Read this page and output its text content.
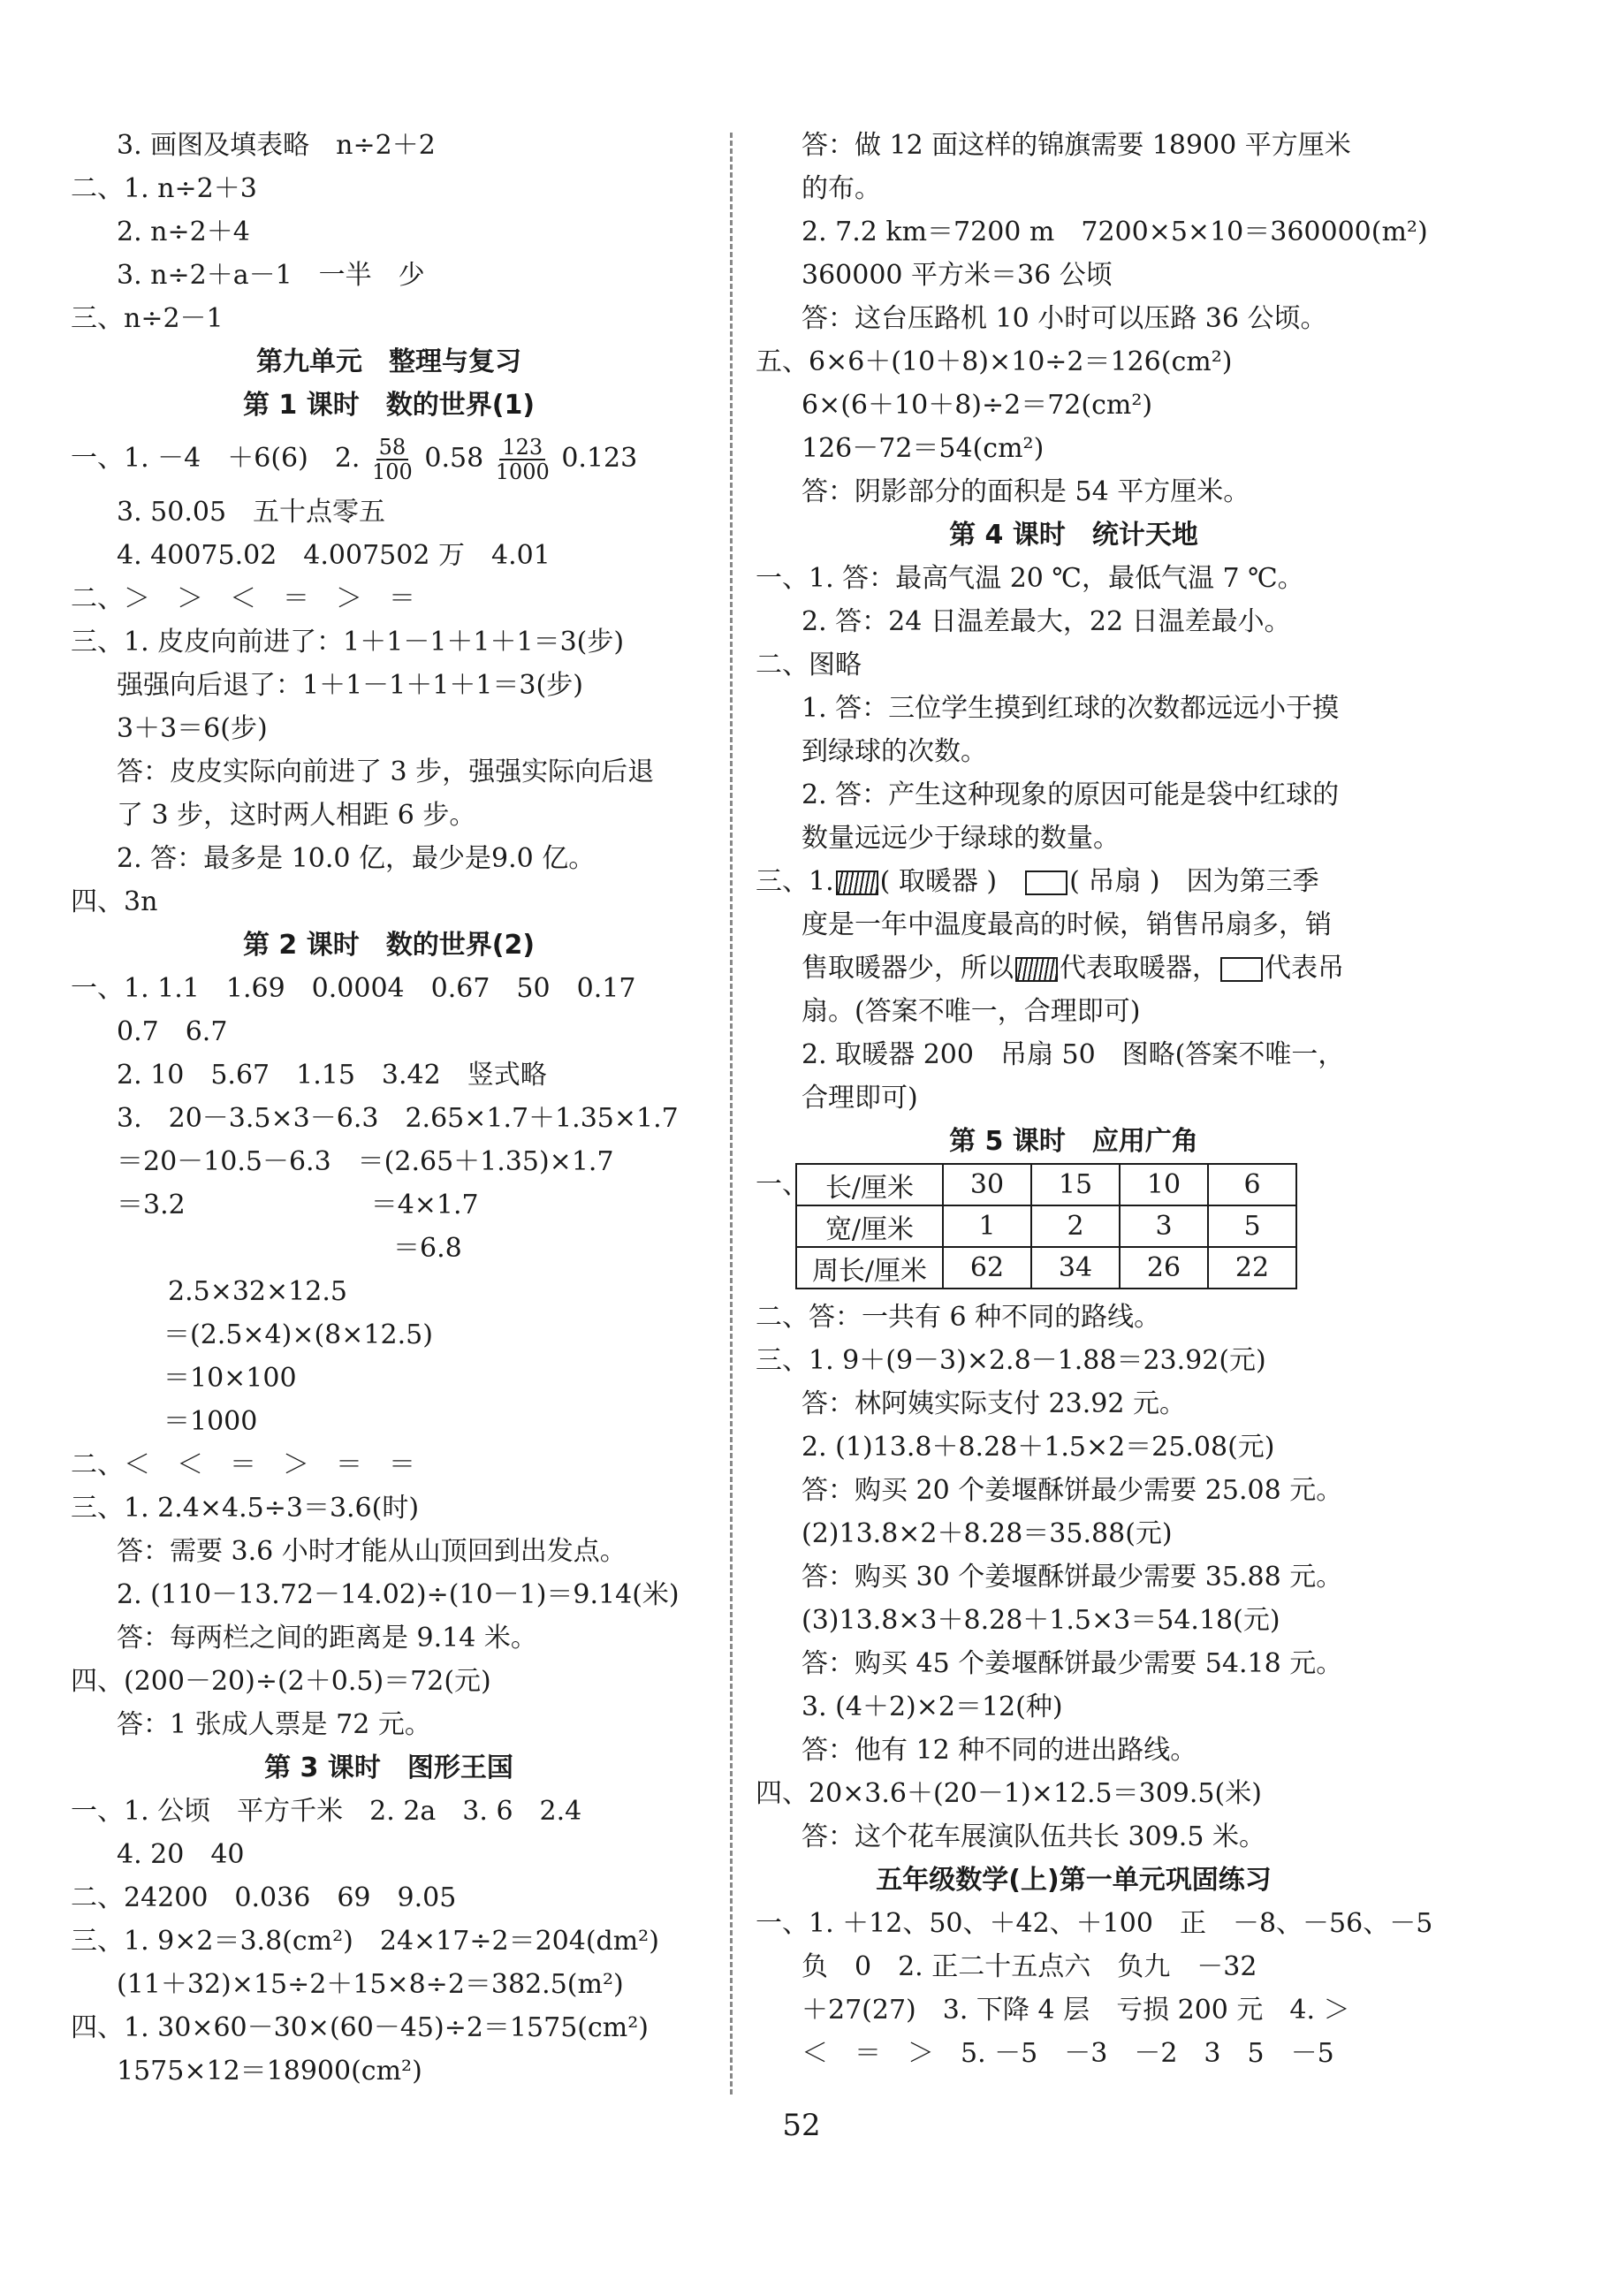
3. 画图及填表略　n÷2＋2
二、1. n÷2＋3
2. n÷2＋4
3. n÷2＋a－1　一半　少
三、n÷2－1
第九单元　整理与复习
第 1 课时　数的世界(1)
一、1. －4　＋6(6)　2. $\frac{58}{100} 0.58 \frac{123}{1000} 0.123$
3. 50.05　五十点零五
4. 40075.02　4.007502 万　4.01
二、＞　＞　＜　＝　＞　＝
三、1. 皮皮向前进了：1＋1－1＋1＋1＝3(步)
强强向后退了：1＋1－1＋1＋1＝3(步)
3＋3＝6(步)
答：皮皮实际向前进了 3 步，强强实际向后退
了 3 步，这时两人相距 6 步。
2. 答：最多是 10.0 亿，最少是9.0 亿。
四、3n
第 2 课时　数的世界(2)
一、1. 1.1　1.69　0.0004　0.67　50　0.17
0.7　6.7
2. 10　5.67　1.15　3.42　竖式略
3.　20－3.5×3－6.3　2.65×1.7＋1.35×1.7
＝20－10.5－6.3　＝(2.65＋1.35)×1.7
＝3.2　　　　　　　＝4×1.7
＝6.8
2.5×32×12.5
＝(2.5×4)×(8×12.5)
＝10×100
＝1000
二、＜　＜　＝　＞　＝　＝
三、1. 2.4×4.5÷3＝3.6(时)
答：需要 3.6 小时才能从山顶回到出发点。
2. (110－13.72－14.02)÷(10－1)＝9.14(米)
答：每两栏之间的距离是 9.14 米。
四、(200－20)÷(2＋0.5)＝72(元)
答：1 张成人票是 72 元。
第 3 课时　图形王国
一、1. 公顷　平方千米　2. 2a　3. 6　2.4
4. 20　40
二、24200　0.036　69　9.05
三、1. 9×2＝3.8(cm²)　24×17÷2＝204(dm²)
(11＋32)×15÷2＋15×8÷2＝382.5(m²)
四、1. 30×60－30×(60－45)÷2＝1575(cm²)
1575×12＝18900(cm²)
答：做 12 面这样的锦旗需要 18900 平方厘米
的布。
2. 7.2 km＝7200 m　7200×5×10＝360000(m²)
360000 平方米＝36 公顷
答：这台压路机 10 小时可以压路 36 公顷。
五、6×6＋(10＋8)×10÷2＝126(cm²)
6×(6＋10＋8)÷2＝72(cm²)
126－72＝54(cm²)
答：阴影部分的面积是 54 平方厘米。
第 4 课时　统计天地
一、1. 答：最高气温 20 ℃，最低气温 7 ℃。
2. 答：24 日温差最大，22 日温差最小。
二、图略
1. 答：三位学生摸到红球的次数都远远小于摸
到绿球的次数。
2. 答：产生这种现象的原因可能是袋中红球的
数量远远少于绿球的数量。
三、1. ( 取暖器 )　	( 吊扇 )　因为第三季
度是一年中温度最高的时候，销售吊扇多，销
售取暖器少，所以 代表取暖器， 代表吊
扇。(答案不唯一，合理即可)
2. 取暖器 200　吊扇 50　图略(答案不唯一，
合理即可)
第 5 课时　应用广角
一、 长/厘米	30	15	10	6
宽/厘米	1	2	3	5
周长/厘米	62	34	26	22
二、答：一共有 6 种不同的路线。
三、1. 9＋(9－3)×2.8－1.88＝23.92(元)
答：林阿姨实际支付 23.92 元。
2. (1)13.8＋8.28＋1.5×2＝25.08(元)
答：购买 20 个姜堰酥饼最少需要 25.08 元。
(2)13.8×2＋8.28＝35.88(元)
答：购买 30 个姜堰酥饼最少需要 35.88 元。
(3)13.8×3＋8.28＋1.5×3＝54.18(元)
答：购买 45 个姜堰酥饼最少需要 54.18 元。
3. (4＋2)×2＝12(种)
答：他有 12 种不同的进出路线。
四、20×3.6＋(20－1)×12.5＝309.5(米)
答：这个花车展演队伍共长 309.5 米。
五年级数学(上)第一单元巩固练习
一、1. ＋12、50、＋42、＋100　正　－8、－56、－5
负　0　2. 正二十五点六　负九　－32
＋27(27)　3. 下降 4 层　亏损 200 元　4. ＞
＜　＝　＞　5. －5　－3　－2　3　5　－5
52
